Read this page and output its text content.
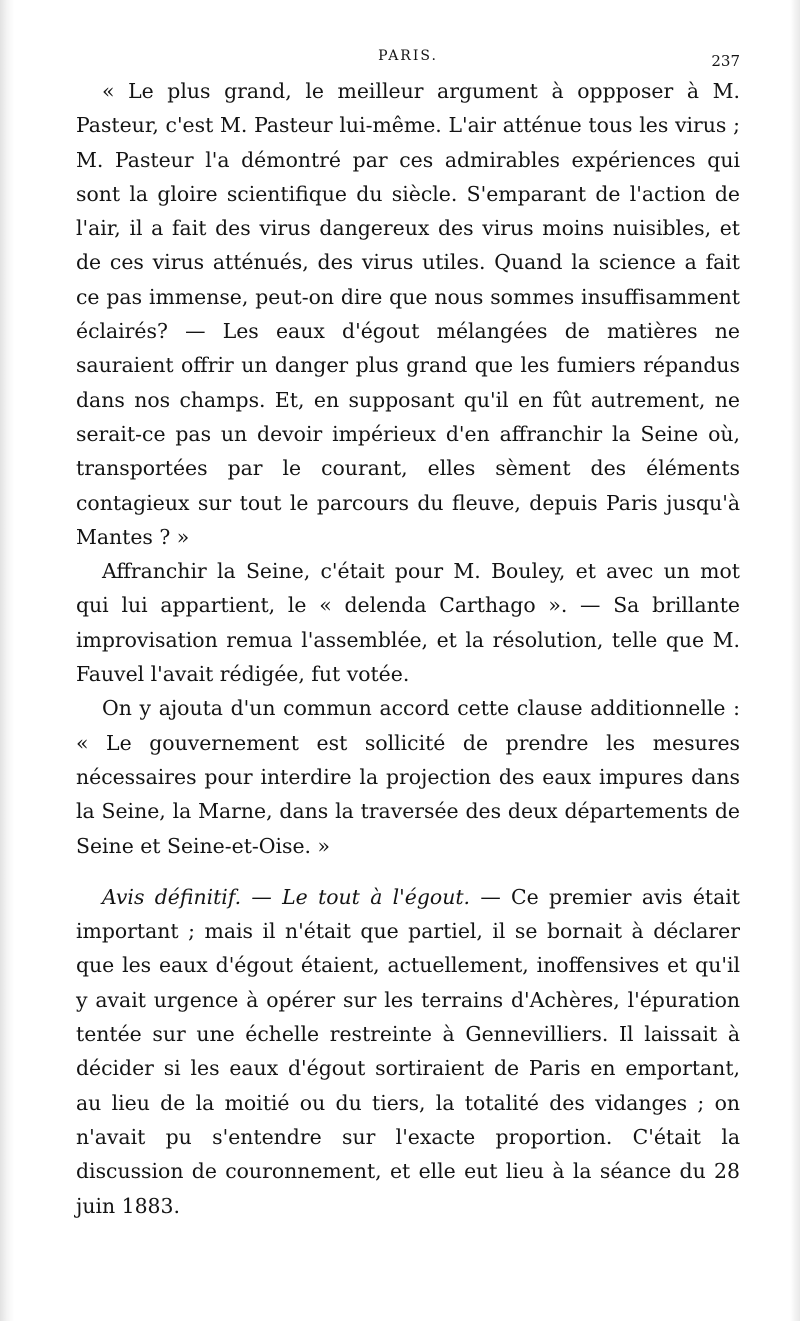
PARIS.	237

« Le plus grand, le meilleur argument à oppposer à M. Pasteur, c'est M. Pasteur lui-même. L'air atténue tous les virus ; M. Pasteur l'a démontré par ces admirables expériences qui sont la gloire scientifique du siècle. S'emparant de l'action de l'air, il a fait des virus dangereux des virus moins nuisibles, et de ces virus atténués, des virus utiles. Quand la science a fait ce pas immense, peut-on dire que nous sommes insuffisamment éclairés? — Les eaux d'égout mélangées de matières ne sauraient offrir un danger plus grand que les fumiers répandus dans nos champs. Et, en supposant qu'il en fût autrement, ne serait-ce pas un devoir impérieux d'en affranchir la Seine où, transportées par le courant, elles sèment des éléments contagieux sur tout le parcours du fleuve, depuis Paris jusqu'à Mantes ? »

Affranchir la Seine, c'était pour M. Bouley, et avec un mot qui lui appartient, le « delenda Carthago ». — Sa brillante improvisation remua l'assemblée, et la résolution, telle que M. Fauvel l'avait rédigée, fut votée.

On y ajouta d'un commun accord cette clause additionnelle : « Le gouvernement est sollicité de prendre les mesures nécessaires pour interdire la projection des eaux impures dans la Seine, la Marne, dans la traversée des deux départements de Seine et Seine-et-Oise. »

Avis définitif. — Le tout à l'égout. — Ce premier avis était important ; mais il n'était que partiel, il se bornait à déclarer que les eaux d'égout étaient, actuellement, inoffensives et qu'il y avait urgence à opérer sur les terrains d'Achères, l'épuration tentée sur une échelle restreinte à Gennevilliers. Il laissait à décider si les eaux d'égout sortiraient de Paris en emportant, au lieu de la moitié ou du tiers, la totalité des vidanges ; on n'avait pu s'entendre sur l'exacte proportion. C'était la discussion de couronnement, et elle eut lieu à la séance du 28 juin 1883.
